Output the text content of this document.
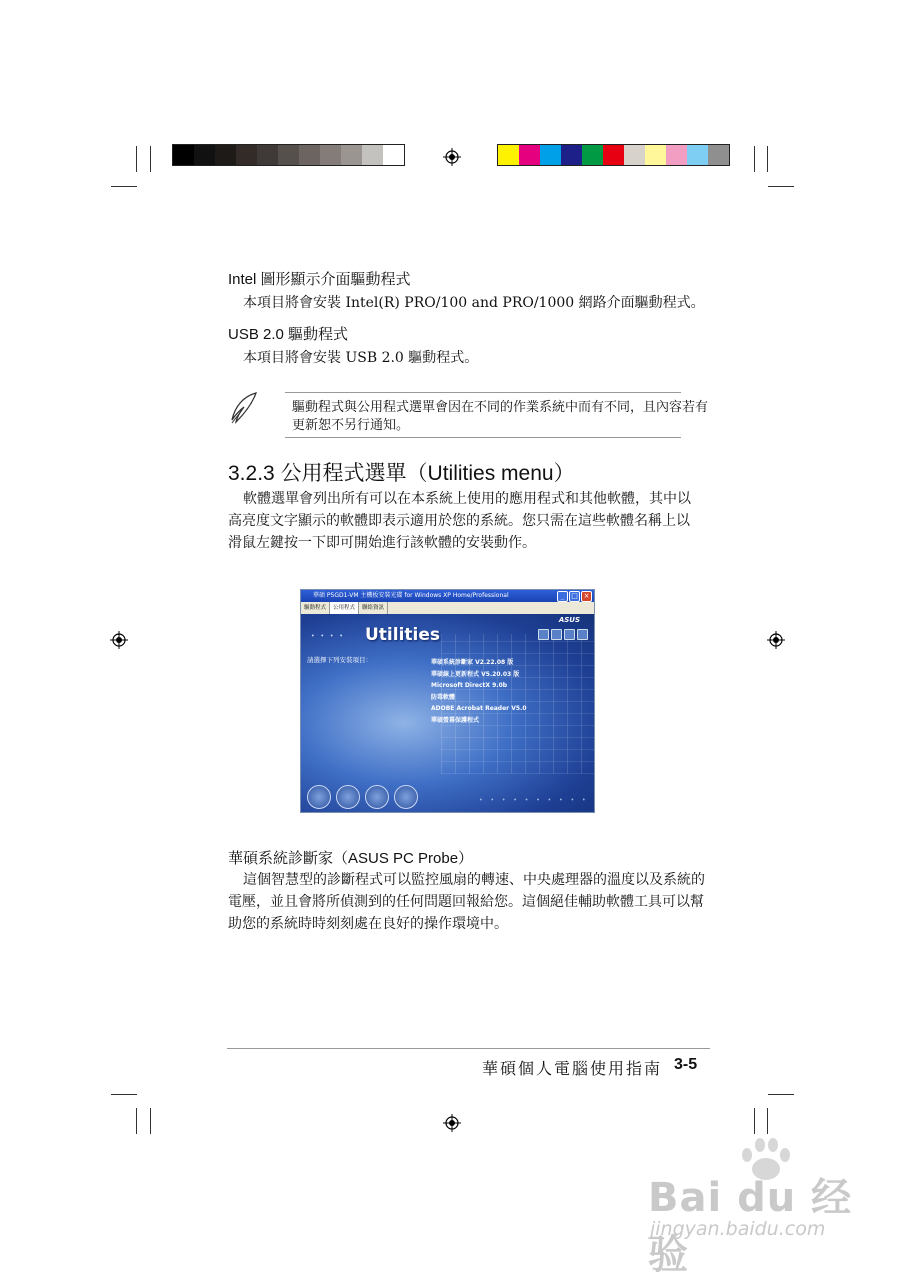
Intel 圖形顯示介面驅動程式
本項目將會安裝 Intel(R) PRO/100 and PRO/1000 網路介面驅動程式。
USB 2.0 驅動程式
本項目將會安裝 USB 2.0 驅動程式。
驅動程式與公用程式選單會因在不同的作業系統中而有不同，且內容若有
更新恕不另行通知。
3.2.3 公用程式選單（Utilities menu）
軟體選單會列出所有可以在本系統上使用的應用程式和其他軟體，其中以
高亮度文字顯示的軟體即表示適用於您的系統。您只需在這些軟體名稱上以
滑鼠左鍵按一下即可開始進行該軟體的安裝動作。
華碩 P5GD1-VM 主機板安裝光碟 for Windows XP Home/Professional	_ □ ×
驅動程式 公用程式 聯絡資訊
• • • • Utilities
ASUS
請選擇下列安裝項目：	華碩系統診斷家 V2.22.08 版
華碩線上更新程式 V5.20.03 版
Microsoft DirectX 9.0b
防毒軟體
ADOBE Acrobat Reader V5.0
華碩螢幕保護程式
• • • • • • • • • •
華碩系統診斷家（ASUS PC Probe）
這個智慧型的診斷程式可以監控風扇的轉速、中央處理器的溫度以及系統的
電壓，並且會將所偵測到的任何問題回報給您。這個絕佳輔助軟體工具可以幫
助您的系統時時刻刻處在良好的操作環境中。
華碩個人電腦使用指南 3-5
Bai du 经验
jingyan.baidu.com
